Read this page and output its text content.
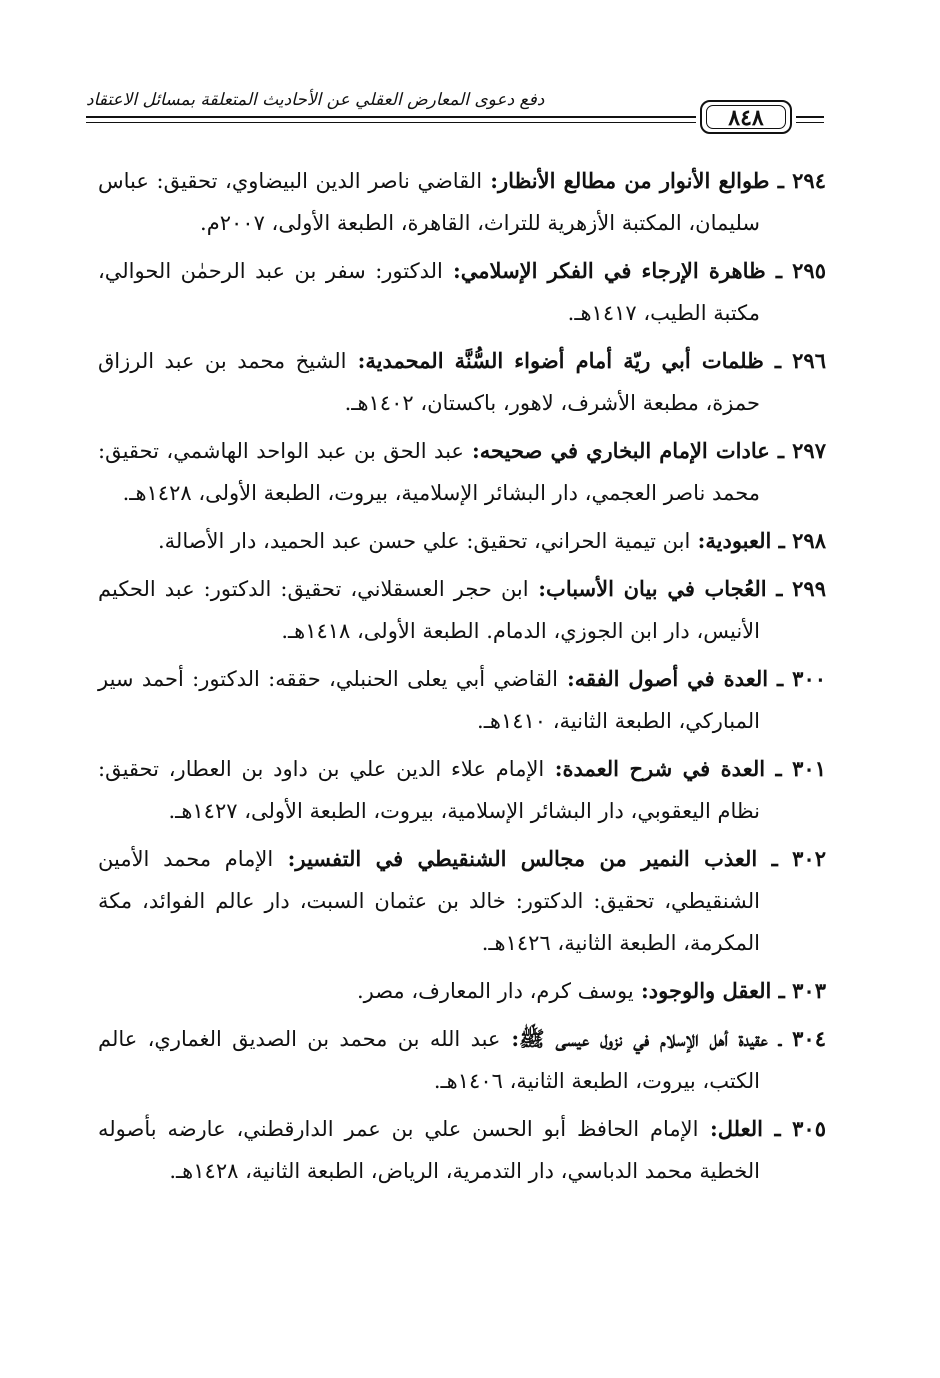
دفع دعوى المعارض العقلي عن الأحاديث المتعلقة بمسائل الاعتقاد
٨٤٨

٢٩٤ ـ طوالع الأنوار من مطالع الأنظار: القاضي ناصر الدين البيضاوي، تحقيق: عباس سليمان، المكتبة الأزهرية للتراث، القاهرة، الطبعة الأولى، ٢٠٠٧م.

٢٩٥ ـ ظاهرة الإرجاء في الفكر الإسلامي: الدكتور: سفر بن عبد الرحمٰن الحوالي، مكتبة الطيب، ١٤١٧هـ.

٢٩٦ ـ ظلمات أبي ريّة أمام أضواء السُّنَّة المحمدية: الشيخ محمد بن عبد الرزاق حمزة، مطبعة الأشرف، لاهور، باكستان، ١٤٠٢هـ.

٢٩٧ ـ عادات الإمام البخاري في صحيحه: عبد الحق بن عبد الواحد الهاشمي، تحقيق: محمد ناصر العجمي، دار البشائر الإسلامية، بيروت، الطبعة الأولى، ١٤٢٨هـ.

٢٩٨ ـ العبودية: ابن تيمية الحراني، تحقيق: علي حسن عبد الحميد، دار الأصالة.

٢٩٩ ـ العُجاب في بيان الأسباب: ابن حجر العسقلاني، تحقيق: الدكتور: عبد الحكيم الأنيس، دار ابن الجوزي، الدمام. الطبعة الأولى، ١٤١٨هـ.

٣٠٠ ـ العدة في أصول الفقه: القاضي أبي يعلى الحنبلي، حققه: الدكتور: أحمد سير المباركي، الطبعة الثانية، ١٤١٠هـ.

٣٠١ ـ العدة في شرح العمدة: الإمام علاء الدين علي بن داود بن العطار، تحقيق: نظام اليعقوبي، دار البشائر الإسلامية، بيروت، الطبعة الأولى، ١٤٢٧هـ.

٣٠٢ ـ العذب النمير من مجالس الشنقيطي في التفسير: الإمام محمد الأمين الشنقيطي، تحقيق: الدكتور: خالد بن عثمان السبت، دار عالم الفوائد، مكة المكرمة، الطبعة الثانية، ١٤٢٦هـ.

٣٠٣ ـ العقل والوجود: يوسف كرم، دار المعارف، مصر.

٣٠٤ ـ عقيدة أهل الإسلام في نزول عيسى ﷺ: عبد الله بن محمد بن الصديق الغماري، عالم الكتب، بيروت، الطبعة الثانية، ١٤٠٦هـ.

٣٠٥ ـ العلل: الإمام الحافظ أبو الحسن علي بن عمر الدارقطني، عارضه بأصوله الخطية محمد الدباسي، دار التدمرية، الرياض، الطبعة الثانية، ١٤٢٨هـ.
